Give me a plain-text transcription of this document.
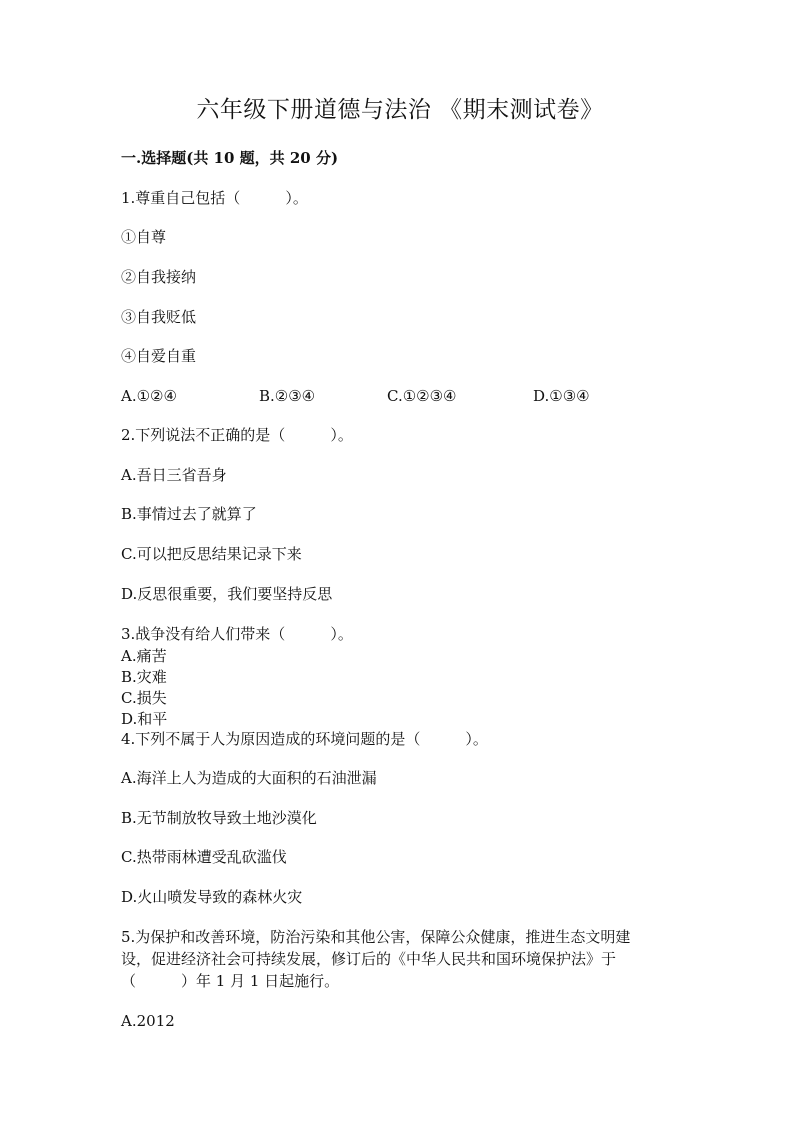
六年级下册道德与法治 《期末测试卷》
一.选择题(共 10 题，共 20 分)
1.尊重自己包括（　　　）。
①自尊
②自我接纳
③自我贬低
④自爱自重
A.①②④	B.②③④	C.①②③④	D.①③④
2.下列说法不正确的是（　　　）。
A.吾日三省吾身
B.事情过去了就算了
C.可以把反思结果记录下来
D.反思很重要，我们要坚持反思
3.战争没有给人们带来（　　　）。
A.痛苦
B.灾难
C.损失
D.和平
4.下列不属于人为原因造成的环境问题的是（　　　）。
A.海洋上人为造成的大面积的石油泄漏
B.无节制放牧导致土地沙漠化
C.热带雨林遭受乱砍滥伐
D.火山喷发导致的森林火灾
5.为保护和改善环境，防治污染和其他公害，保障公众健康，推进生态文明建
设，促进经济社会可持续发展，修订后的《中华人民共和国环境保护法》于
（　　　）年 1 月 1 日起施行。
A.2012
